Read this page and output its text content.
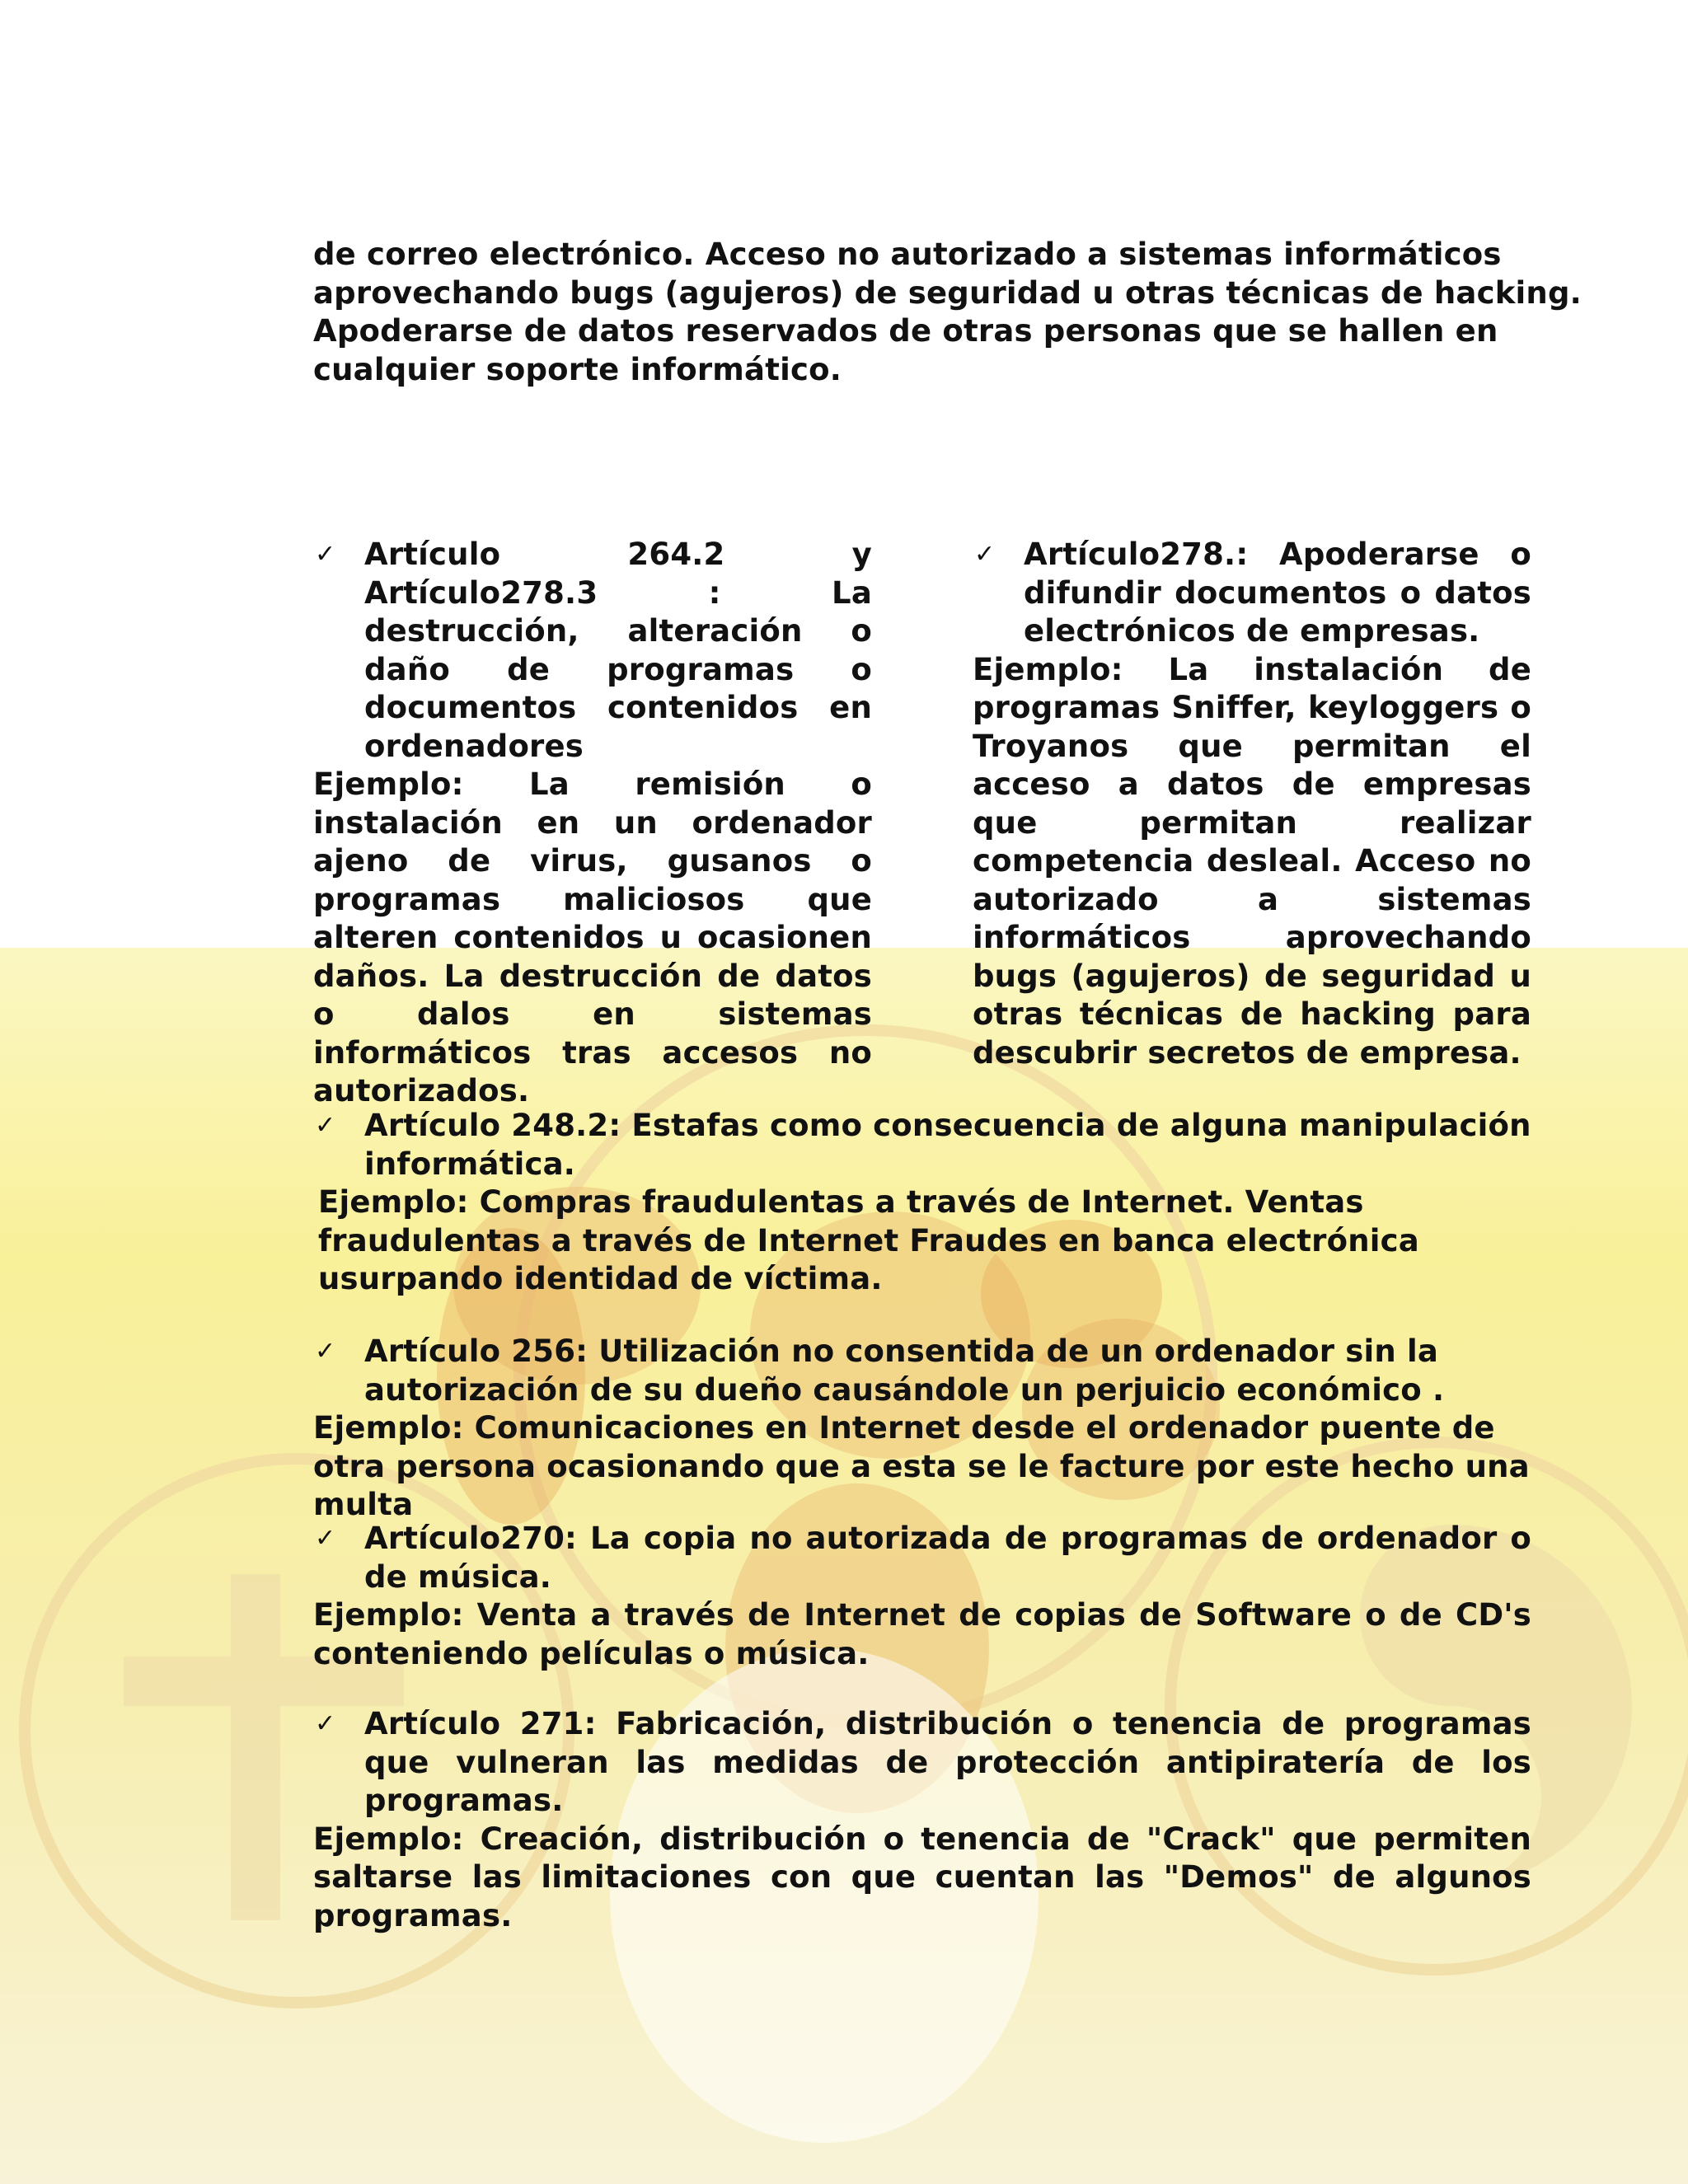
de correo electrónico. Acceso no autorizado a sistemas informáticos

aprovechando bugs (agujeros) de seguridad u otras técnicas de hacking.

Apoderarse de datos reservados de otras personas que se hallen en

cualquier soporte informático.

✓ Artículo 264.2 y Artículo278.3 : La destrucción, alteración o daño de programas o documentos contenidos en ordenadores

Ejemplo: La remisión o instalación en un ordenador ajeno de virus, gusanos o programas maliciosos que alteren contenidos u ocasionen daños. La destrucción de datos o dalos en sistemas informáticos tras accesos no autorizados.

✓ Artículo278.: Apoderarse o difundir documentos o datos electrónicos de empresas.

Ejemplo: La instalación de programas Sniffer, keyloggers o Troyanos que permitan el acceso a datos de empresas que permitan realizar competencia desleal. Acceso no autorizado a sistemas informáticos aprovechando bugs (agujeros) de seguridad u otras técnicas de hacking para descubrir secretos de empresa.

✓ Artículo 248.2: Estafas como consecuencia de alguna manipulación informática.

Ejemplo: Compras fraudulentas a través de Internet. Ventas fraudulentas a través de Internet Fraudes en banca electrónica usurpando identidad de víctima.

✓ Artículo 256: Utilización no consentida de un ordenador sin la autorización de su dueño causándole un perjuicio económico .

Ejemplo: Comunicaciones en Internet desde el ordenador puente de otra persona ocasionando que a esta se le facture por este hecho una multa

✓ Artículo270: La copia no autorizada de programas de ordenador o de música.

Ejemplo: Venta a través de Internet de copias de Software o de CD's conteniendo películas o música.

✓ Artículo 271: Fabricación, distribución o tenencia de programas que vulneran las medidas de protección antipiratería de los programas.

Ejemplo: Creación, distribución o tenencia de "Crack" que permiten saltarse las limitaciones con que cuentan las "Demos" de algunos programas.
